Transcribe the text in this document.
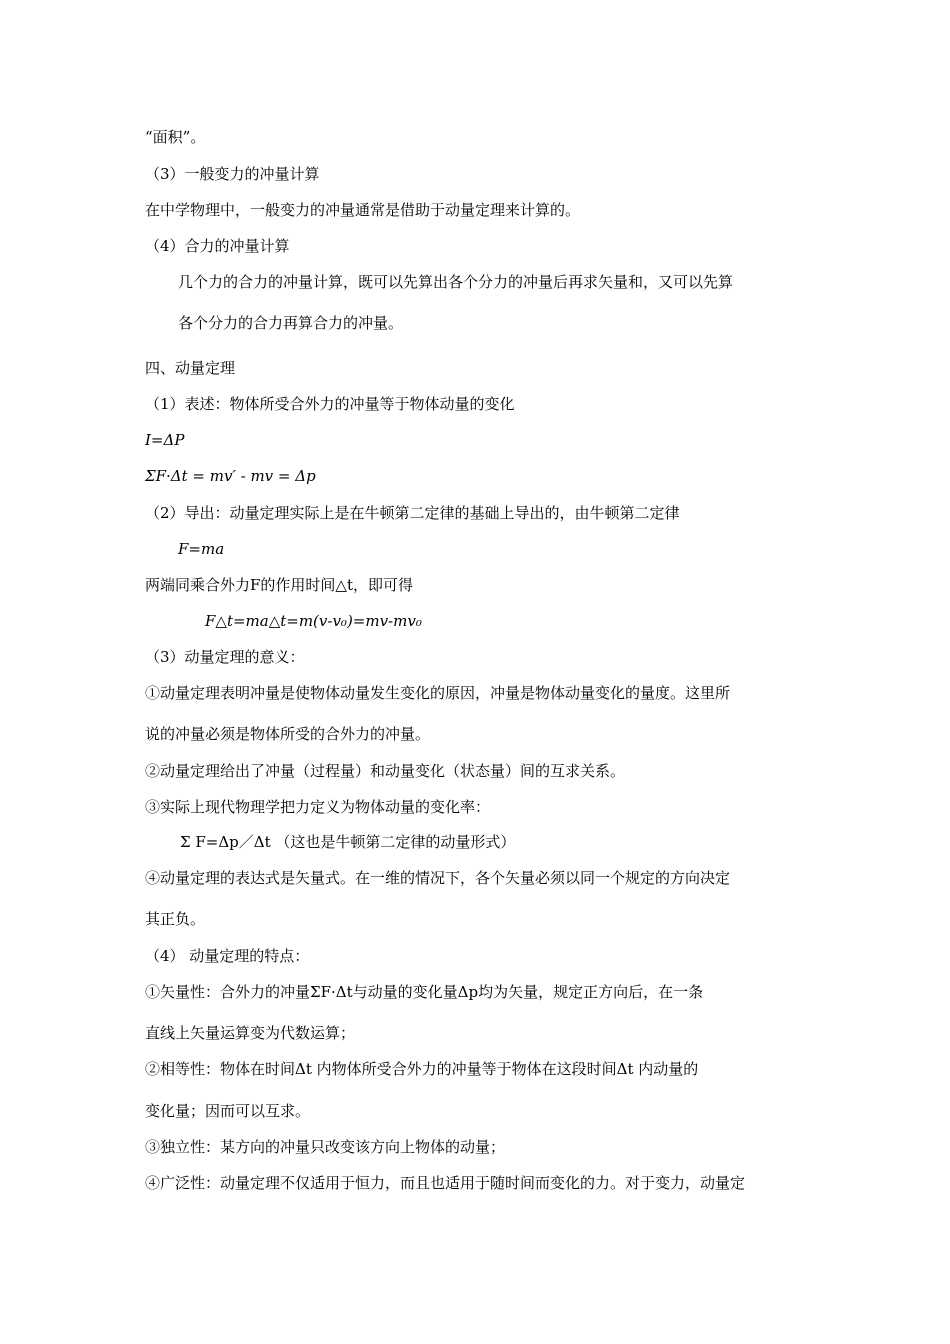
“面积”。
（3）一般变力的冲量计算
在中学物理中，一般变力的冲量通常是借助于动量定理来计算的。
（4）合力的冲量计算
几个力的合力的冲量计算，既可以先算出各个分力的冲量后再求矢量和，又可以先算
各个分力的合力再算合力的冲量。
四、动量定理
（1）表述：物体所受合外力的冲量等于物体动量的变化
I=ΔP
ΣF·Δt = mv′ - mv = Δp
（2）导出：动量定理实际上是在牛顿第二定律的基础上导出的，由牛顿第二定律
F=ma
两端同乘合外力F的作用时间△t，即可得
F△t=ma△t=m(v-v₀)=mv-mv₀
（3）动量定理的意义：
①动量定理表明冲量是使物体动量发生变化的原因，冲量是物体动量变化的量度。这里所
说的冲量必须是物体所受的合外力的冲量。
②动量定理给出了冲量（过程量）和动量变化（状态量）间的互求关系。
③实际上现代物理学把力定义为物体动量的变化率：
Σ F=Δp／Δt （这也是牛顿第二定律的动量形式）
④动量定理的表达式是矢量式。在一维的情况下，各个矢量必须以同一个规定的方向决定
其正负。
（4） 动量定理的特点：
①矢量性：合外力的冲量ΣF·Δt与动量的变化量Δp均为矢量，规定正方向后，在一条
直线上矢量运算变为代数运算；
②相等性：物体在时间Δt 内物体所受合外力的冲量等于物体在这段时间Δt 内动量的
变化量；因而可以互求。
③独立性：某方向的冲量只改变该方向上物体的动量；
④广泛性：动量定理不仅适用于恒力，而且也适用于随时间而变化的力。对于变力，动量定
